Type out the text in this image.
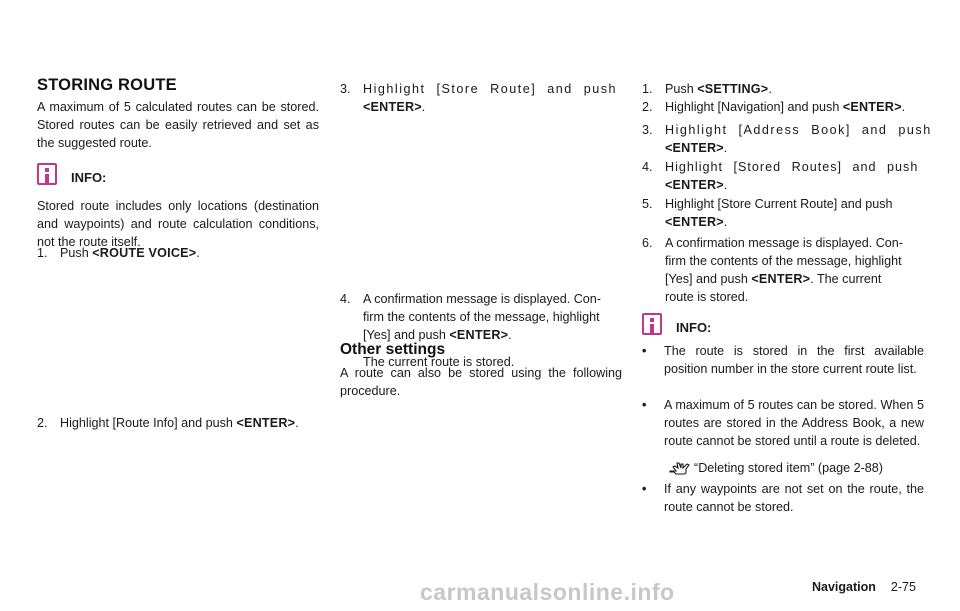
STORING ROUTE

A maximum of 5 calculated routes can be stored. Stored routes can be easily retrieved and set as the suggested route.

INFO:

Stored route includes only locations (destination and waypoints) and route calculation conditions, not the route itself.

1. Push <ROUTE VOICE>.
2. Highlight [Route Info] and push <ENTER>.
3. Highlight [Store Route] and push
<ENTER>.
4. A confirmation message is displayed. Con-
firm the contents of the message, highlight
[Yes] and push <ENTER>.
The current route is stored.
Other settings

A route can also be stored using the following procedure.

1. Push <SETTING>.
2. Highlight [Navigation] and push <ENTER>.
3. Highlight [Address Book] and push
<ENTER>.
4. Highlight [Stored Routes] and push
<ENTER>.
5. Highlight [Store Current Route] and push
<ENTER>.
6. A confirmation message is displayed. Con-
firm the contents of the message, highlight
[Yes] and push <ENTER>. The current
route is stored.
INFO:
• The route is stored in the first available position number in the store current route list.
• A maximum of 5 routes can be stored. When 5 routes are stored in the Address Book, a new route cannot be stored until a route is deleted.
“Deleting stored item” (page 2-88)
• If any waypoints are not set on the route, the route cannot be stored.
Navigation 2-75
carmanualsonline.info
